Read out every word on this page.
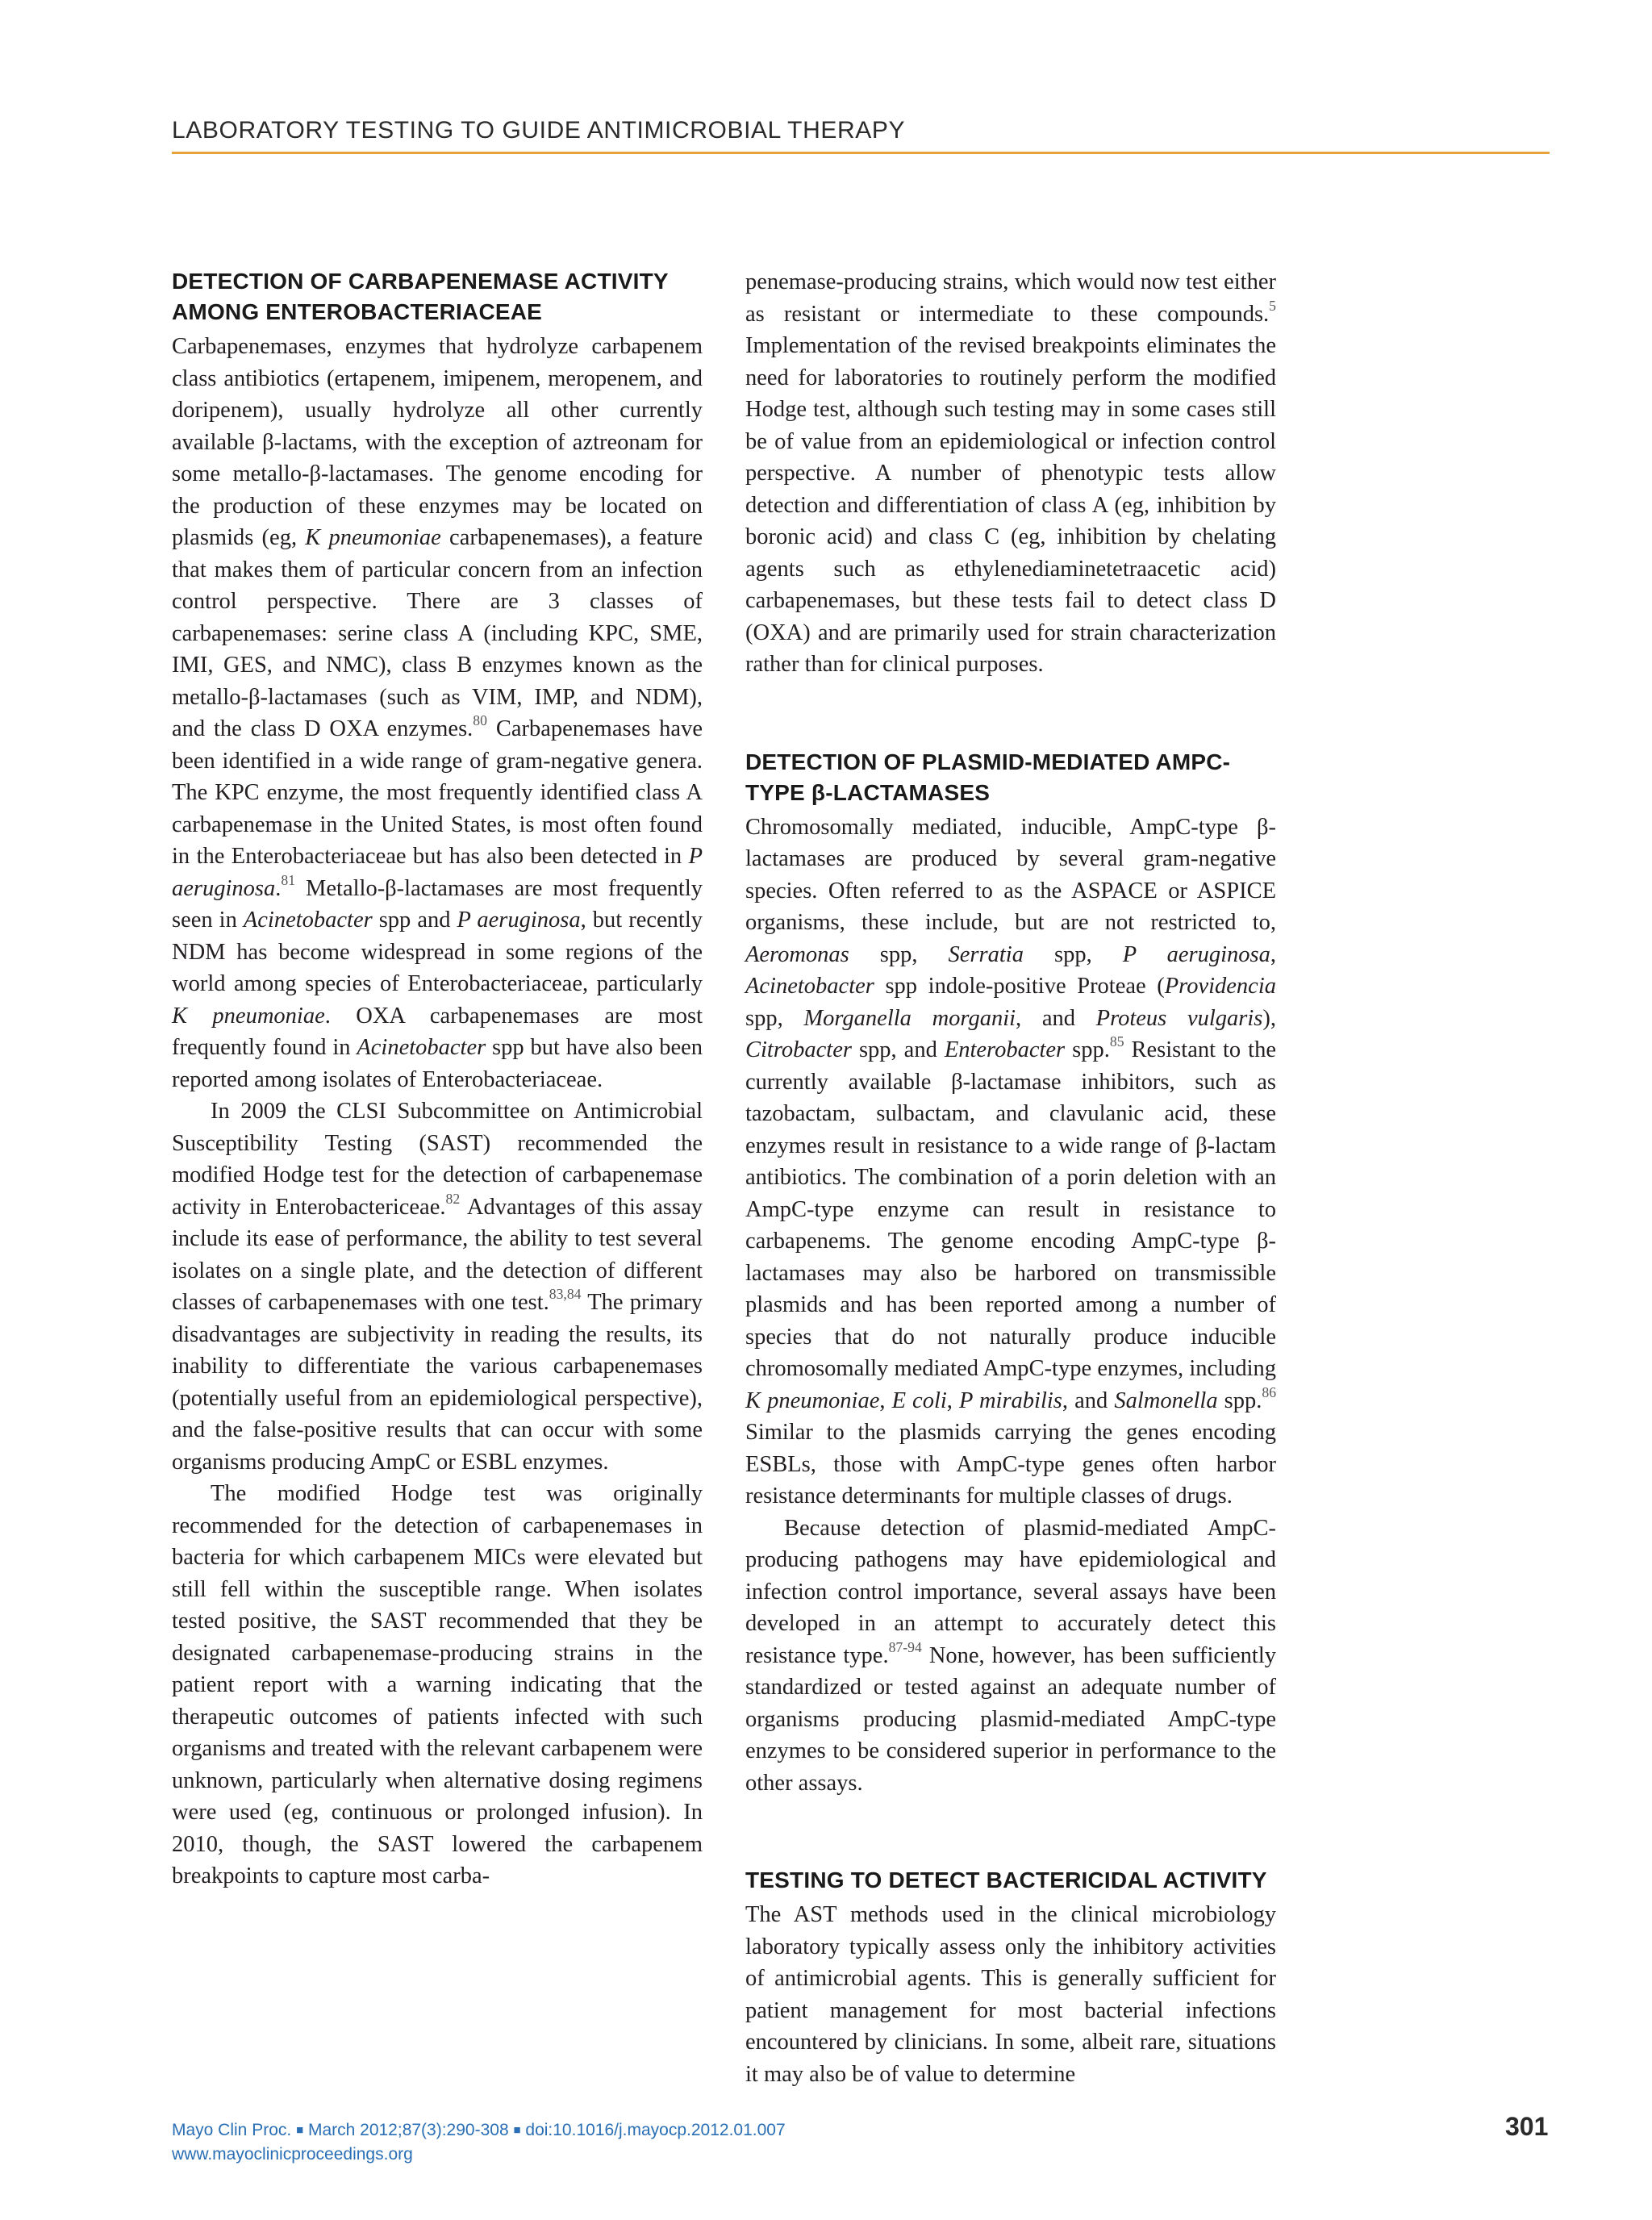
LABORATORY TESTING TO GUIDE ANTIMICROBIAL THERAPY
DETECTION OF CARBAPENEMASE ACTIVITY AMONG ENTEROBACTERIACEAE

Carbapenemases, enzymes that hydrolyze carbapenem class antibiotics (ertapenem, imipenem, meropenem, and doripenem), usually hydrolyze all other currently available β-lactams, with the exception of aztreonam for some metallo-β-lactamases. The genome encoding for the production of these enzymes may be located on plasmids (eg, K pneumoniae carbapenemases), a feature that makes them of particular concern from an infection control perspective. There are 3 classes of carbapenemases: serine class A (including KPC, SME, IMI, GES, and NMC), class B enzymes known as the metallo-β-lactamases (such as VIM, IMP, and NDM), and the class D OXA enzymes.$^{80}$ Carbapenemases have been identified in a wide range of gram-negative genera. The KPC enzyme, the most frequently identified class A carbapenemase in the United States, is most often found in the Enterobacteriaceae but has also been detected in P aeruginosa.$^{81}$ Metallo-β-lactamases are most frequently seen in Acinetobacter spp and P aeruginosa, but recently NDM has become widespread in some regions of the world among species of Enterobacteriaceae, particularly K pneumoniae. OXA carbapenemases are most frequently found in Acinetobacter spp but have also been reported among isolates of Enterobacteriaceae.

In 2009 the CLSI Subcommittee on Antimicrobial Susceptibility Testing (SAST) recommended the modified Hodge test for the detection of carbapenemase activity in Enterobactericeae.$^{82}$ Advantages of this assay include its ease of performance, the ability to test several isolates on a single plate, and the detection of different classes of carbapenemases with one test.$^{83,84}$ The primary disadvantages are subjectivity in reading the results, its inability to differentiate the various carbapenemases (potentially useful from an epidemiological perspective), and the false-positive results that can occur with some organisms producing AmpC or ESBL enzymes.

The modified Hodge test was originally recommended for the detection of carbapenemases in bacteria for which carbapenem MICs were elevated but still fell within the susceptible range. When isolates tested positive, the SAST recommended that they be designated carbapenemase-producing strains in the patient report with a warning indicating that the therapeutic outcomes of patients infected with such organisms and treated with the relevant carbapenem were unknown, particularly when alternative dosing regimens were used (eg, continuous or prolonged infusion). In 2010, though, the SAST lowered the carbapenem breakpoints to capture most carba-

penemase-producing strains, which would now test either as resistant or intermediate to these compounds.$^5$ Implementation of the revised breakpoints eliminates the need for laboratories to routinely perform the modified Hodge test, although such testing may in some cases still be of value from an epidemiological or infection control perspective. A number of phenotypic tests allow detection and differentiation of class A (eg, inhibition by boronic acid) and class C (eg, inhibition by chelating agents such as ethylenediaminetetraacetic acid) carbapenemases, but these tests fail to detect class D (OXA) and are primarily used for strain characterization rather than for clinical purposes.

DETECTION OF PLASMID-MEDIATED AMPC-TYPE β-LACTAMASES

Chromosomally mediated, inducible, AmpC-type β-lactamases are produced by several gram-negative species. Often referred to as the ASPACE or ASPICE organisms, these include, but are not restricted to, Aeromonas spp, Serratia spp, P aeruginosa, Acinetobacter spp indole-positive Proteae (Providencia spp, Morganella morganii, and Proteus vulgaris), Citrobacter spp, and Enterobacter spp.$^{85}$ Resistant to the currently available β-lactamase inhibitors, such as tazobactam, sulbactam, and clavulanic acid, these enzymes result in resistance to a wide range of β-lactam antibiotics. The combination of a porin deletion with an AmpC-type enzyme can result in resistance to carbapenems. The genome encoding AmpC-type β-lactamases may also be harbored on transmissible plasmids and has been reported among a number of species that do not naturally produce inducible chromosomally mediated AmpC-type enzymes, including K pneumoniae, E coli, P mirabilis, and Salmonella spp.$^{86}$ Similar to the plasmids carrying the genes encoding ESBLs, those with AmpC-type genes often harbor resistance determinants for multiple classes of drugs.

Because detection of plasmid-mediated AmpC-producing pathogens may have epidemiological and infection control importance, several assays have been developed in an attempt to accurately detect this resistance type.$^{87-94}$ None, however, has been sufficiently standardized or tested against an adequate number of organisms producing plasmid-mediated AmpC-type enzymes to be considered superior in performance to the other assays.

TESTING TO DETECT BACTERICIDAL ACTIVITY

The AST methods used in the clinical microbiology laboratory typically assess only the inhibitory activities of antimicrobial agents. This is generally sufficient for patient management for most bacterial infections encountered by clinicians. In some, albeit rare, situations it may also be of value to determine

Mayo Clin Proc. ■ March 2012;87(3):290-308 ■ doi:10.1016/j.mayocp.2012.01.007
www.mayoclinicproceedings.org
301
